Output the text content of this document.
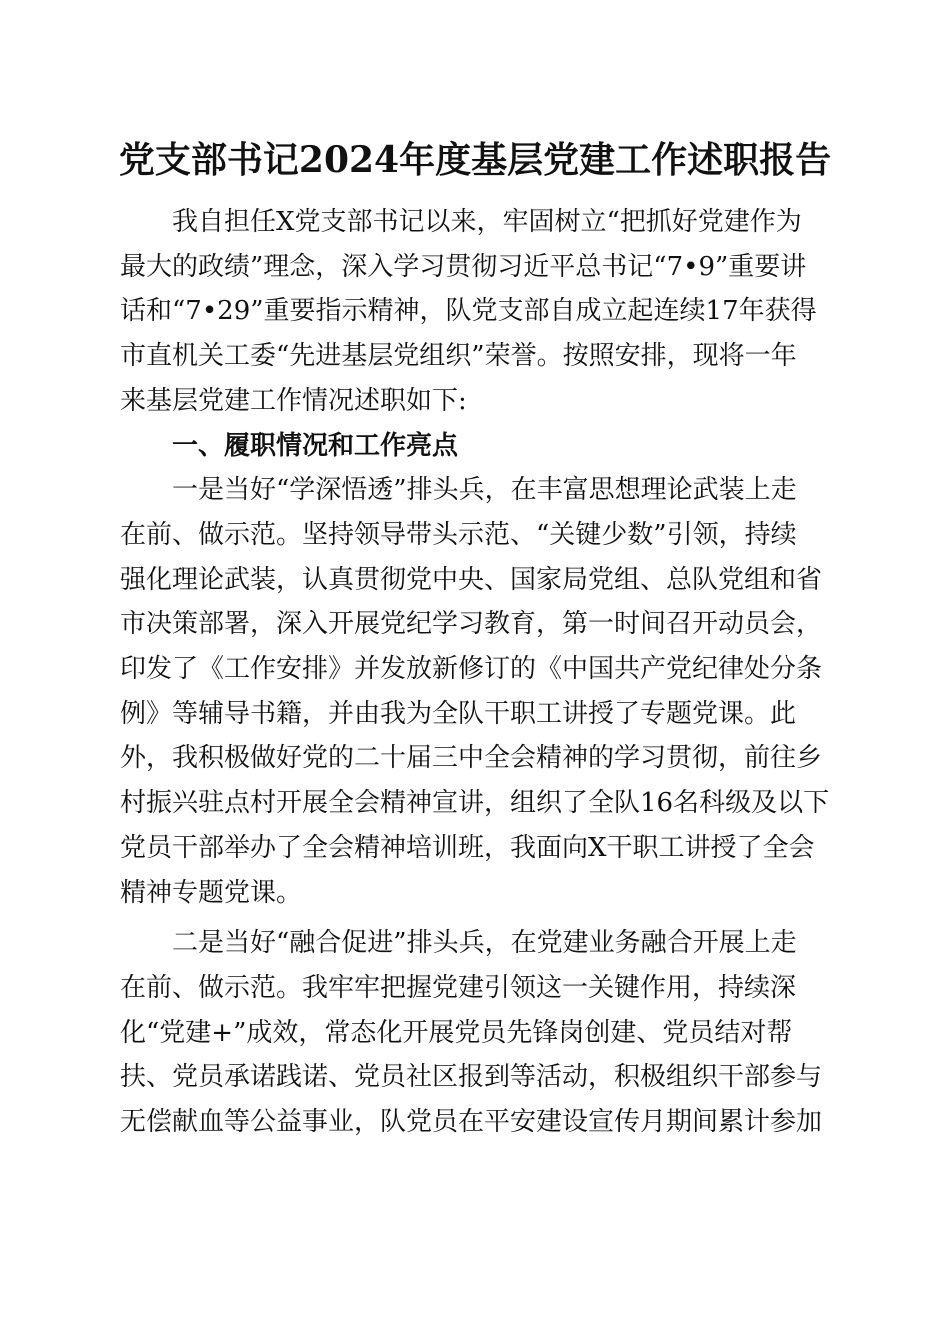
党支部书记2024年度基层党建工作述职报告
我自担任X党支部书记以来，牢固树立“把抓好党建作为
最大的政绩”理念，深入学习贯彻习近平总书记“7•9”重要讲
话和“7•29”重要指示精神，队党支部自成立起连续17年获得
市直机关工委“先进基层党组织”荣誉。按照安排，现将一年
来基层党建工作情况述职如下:
一、履职情况和工作亮点
一是当好“学深悟透”排头兵，在丰富思想理论武装上走
在前、做示范。坚持领导带头示范、“关键少数”引领，持续
强化理论武装，认真贯彻党中央、国家局党组、总队党组和省
市决策部署，深入开展党纪学习教育，第一时间召开动员会，
印发了《工作安排》并发放新修订的《中国共产党纪律处分条
例》等辅导书籍，并由我为全队干职工讲授了专题党课。此
外，我积极做好党的二十届三中全会精神的学习贯彻，前往乡
村振兴驻点村开展全会精神宣讲，组织了全队16名科级及以下
党员干部举办了全会精神培训班，我面向X干职工讲授了全会
精神专题党课。
二是当好“融合促进”排头兵，在党建业务融合开展上走
在前、做示范。我牢牢把握党建引领这一关键作用，持续深
化“党建+”成效，常态化开展党员先锋岗创建、党员结对帮
扶、党员承诺践诺、党员社区报到等活动，积极组织干部参与
无偿献血等公益事业，队党员在平安建设宣传月期间累计参加
